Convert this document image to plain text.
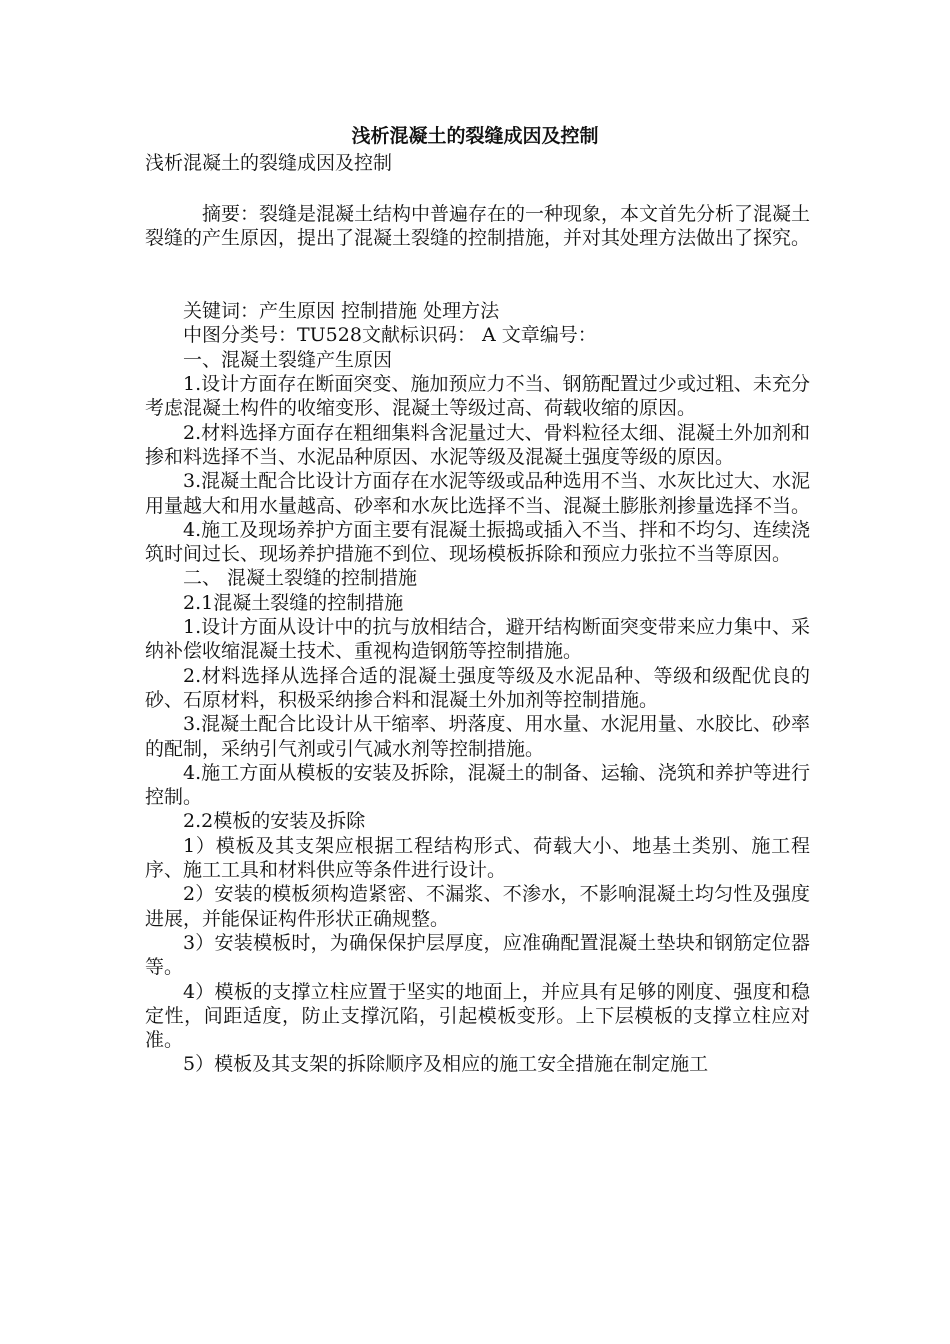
浅析混凝土的裂缝成因及控制

浅析混凝土的裂缝成因及控制

摘要：裂缝是混凝土结构中普遍存在的一种现象，本文首先分析了混凝土裂缝的产生原因，提出了混凝土裂缝的控制措施，并对其处理方法做出了探究。

关键词：产生原因 控制措施 处理方法

中图分类号：TU528文献标识码： A 文章编号：

一、混凝土裂缝产生原因

1.设计方面存在断面突变、施加预应力不当、钢筋配置过少或过粗、未充分考虑混凝土构件的收缩变形、混凝土等级过高、荷载收缩的原因。

2.材料选择方面存在粗细集料含泥量过大、骨料粒径太细、混凝土外加剂和掺和料选择不当、水泥品种原因、水泥等级及混凝土强度等级的原因。

3.混凝土配合比设计方面存在水泥等级或品种选用不当、水灰比过大、水泥用量越大和用水量越高、砂率和水灰比选择不当、混凝土膨胀剂掺量选择不当。

4.施工及现场养护方面主要有混凝土振捣或插入不当、拌和不均匀、连续浇筑时间过长、现场养护措施不到位、现场模板拆除和预应力张拉不当等原因。

二、 混凝土裂缝的控制措施

2.1混凝土裂缝的控制措施

1.设计方面从设计中的抗与放相结合，避开结构断面突变带来应力集中、采纳补偿收缩混凝土技术、重视构造钢筋等控制措施。

2.材料选择从选择合适的混凝土强度等级及水泥品种、等级和级配优良的砂、石原材料，积极采纳掺合料和混凝土外加剂等控制措施。

3.混凝土配合比设计从干缩率、坍落度、用水量、水泥用量、水胶比、砂率的配制，采纳引气剂或引气减水剂等控制措施。

4.施工方面从模板的安装及拆除，混凝土的制备、运输、浇筑和养护等进行控制。

2.2模板的安装及拆除

1）模板及其支架应根据工程结构形式、荷载大小、地基土类别、施工程序、施工工具和材料供应等条件进行设计。

2）安装的模板须构造紧密、不漏浆、不渗水，不影响混凝土均匀性及强度进展，并能保证构件形状正确规整。

3）安装模板时，为确保保护层厚度，应准确配置混凝土垫块和钢筋定位器等。

4）模板的支撑立柱应置于坚实的地面上，并应具有足够的刚度、强度和稳定性，间距适度，防止支撑沉陷，引起模板变形。上下层模板的支撑立柱应对准。

5）模板及其支架的拆除顺序及相应的施工安全措施在制定施工
